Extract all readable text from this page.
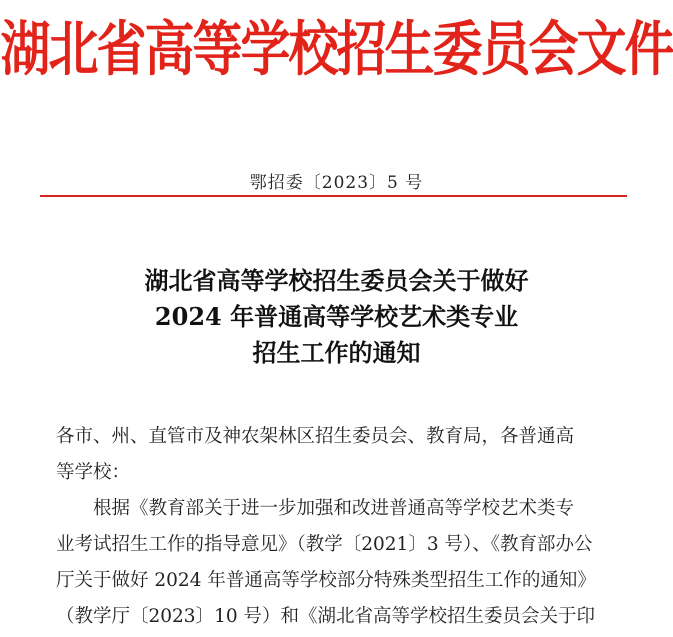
湖北省高等学校招生委员会文件
鄂招委〔2023〕5 号
湖北省高等学校招生委员会关于做好
2024 年普通高等学校艺术类专业
招生工作的通知
各市、州、直管市及神农架林区招生委员会、教育局，各普通高
等学校：
根据《教育部关于进一步加强和改进普通高等学校艺术类专
业考试招生工作的指导意见》（教学〔2021〕3 号）、《教育部办公
厅关于做好 2024 年普通高等学校部分特殊类型招生工作的通知》
（教学厅〔2023〕10 号）和《湖北省高等学校招生委员会关于印
